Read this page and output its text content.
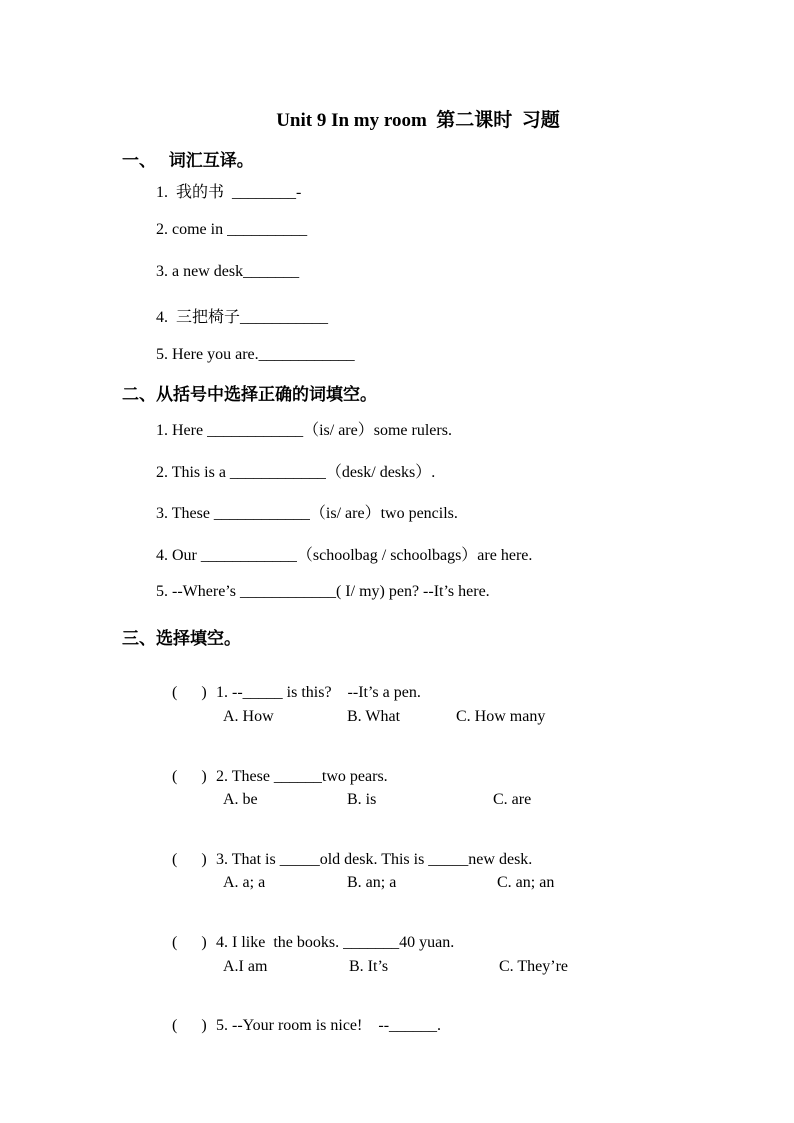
Unit 9 In my room  第二课时  习题
一、   词汇互译。
1.  我的书  ________-
2. come in __________
3. a new desk_______
4.  三把椅子___________
5. Here you are.____________
二、从括号中选择正确的词填空。
1. Here ____________（is/ are）some rulers.
2. This is a ____________（desk/ desks）.
3. These ____________（is/ are）two pencils.
4. Our ____________（schoolbag / schoolbags）are here.
5. --Where’s ____________( I/ my) pen? --It’s here.
三、选择填空。

(      ) 1. --_____ is this?    --It’s a pen.

A. How

	B. What

	C. How many

(      ) 2. These ______two pears.

A. be

	B. is

	C. are

(      ) 3. That is _____old desk. This is _____new desk.

A. a; a

	B. an; a

	C. an; an

(      ) 4. I like  the books. _______40 yuan.

A.I am

	B. It’s

	C. They’re

(      ) 5. --Your room is nice!    --______.
